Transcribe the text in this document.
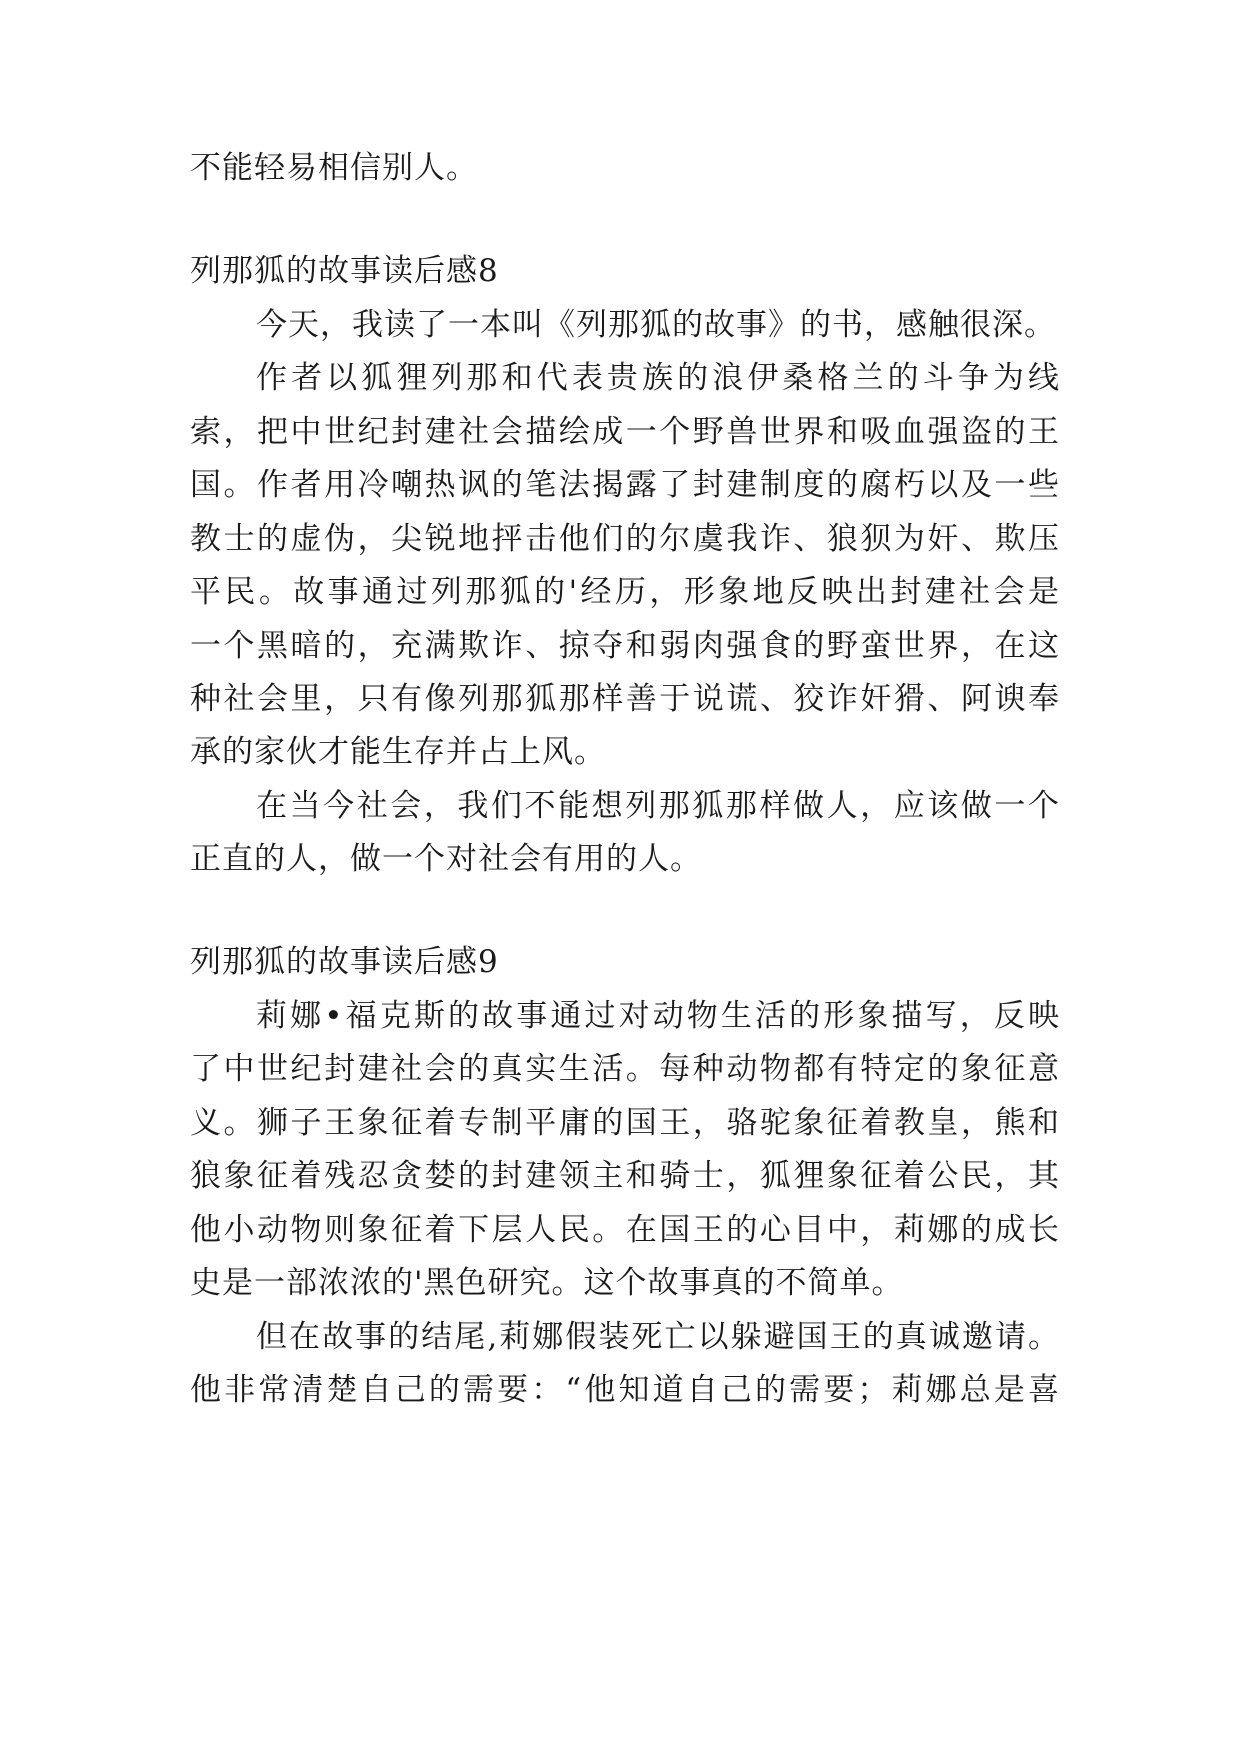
不能轻易相信别人。
列那狐的故事读后感8
今天，我读了一本叫《列那狐的故事》的书，感触很深。
作者以狐狸列那和代表贵族的浪伊桑格兰的斗争为线
索，把中世纪封建社会描绘成一个野兽世界和吸血强盗的王
国。作者用冷嘲热讽的笔法揭露了封建制度的腐朽以及一些
教士的虚伪，尖锐地抨击他们的尔虞我诈、狼狈为奸、欺压
平民。故事通过列那狐的'经历，形象地反映出封建社会是
一个黑暗的，充满欺诈、掠夺和弱肉强食的野蛮世界，在这
种社会里，只有像列那狐那样善于说谎、狡诈奸猾、阿谀奉
承的家伙才能生存并占上风。
在当今社会，我们不能想列那狐那样做人，应该做一个
正直的人，做一个对社会有用的人。
列那狐的故事读后感9
莉娜•福克斯的故事通过对动物生活的形象描写，反映
了中世纪封建社会的真实生活。每种动物都有特定的象征意
义。狮子王象征着专制平庸的国王，骆驼象征着教皇，熊和
狼象征着残忍贪婪的封建领主和骑士，狐狸象征着公民，其
他小动物则象征着下层人民。在国王的心目中，莉娜的成长
史是一部浓浓的'黑色研究。这个故事真的不简单。
但在故事的结尾,莉娜假装死亡以躲避国王的真诚邀请。
他非常清楚自己的需要：“他知道自己的需要；莉娜总是喜
